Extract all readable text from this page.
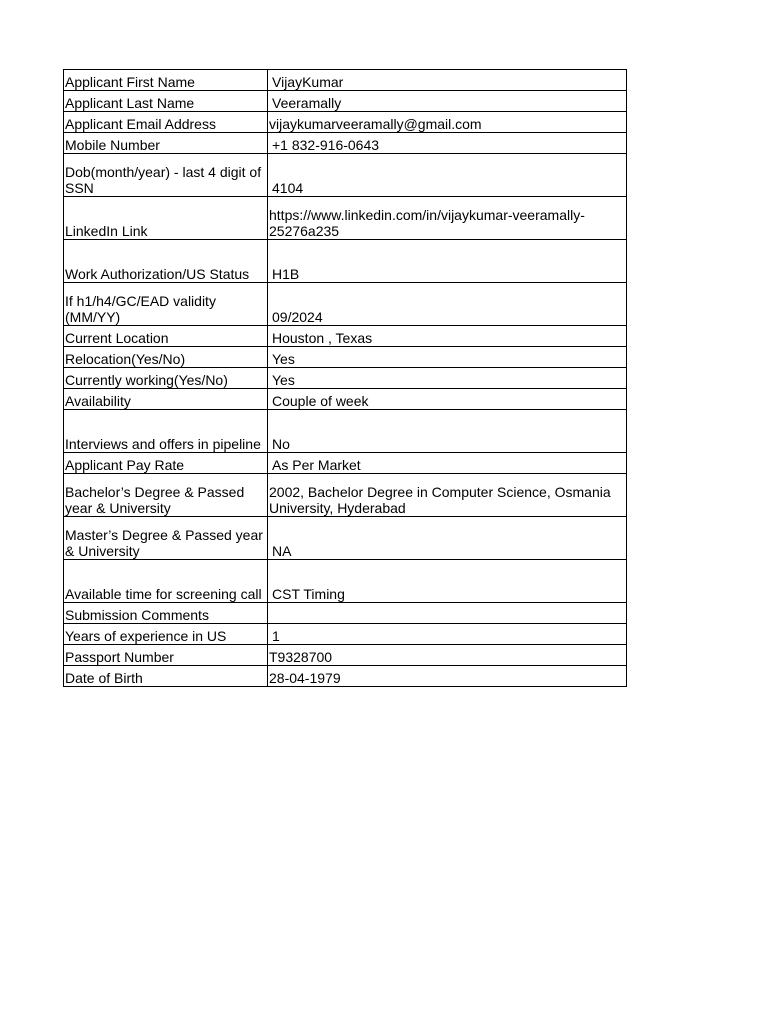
Applicant First Name	VijayKumar
Applicant Last Name	Veeramally
Applicant Email Address	vijaykumarveeramally@gmail.com
Mobile Number	+1 832-916-0643
Dob(month/year) - last 4 digit of SSN	4104
LinkedIn Link	https://www.linkedin.com/in/vijaykumar-veeramally-25276a235
Work Authorization/US Status	H1B
If h1/h4/GC/EAD validity (MM/YY)	09/2024
Current Location	Houston , Texas
Relocation(Yes/No)	Yes
Currently working(Yes/No)	Yes
Availability	Couple of week
Interviews and offers in pipeline	No
Applicant Pay Rate	As Per Market
Bachelor’s Degree & Passed year & University	2002, Bachelor Degree in Computer Science, Osmania University, Hyderabad
Master’s Degree & Passed year & University	NA
Available time for screening call	CST Timing
Submission Comments	
Years of experience in US	1
Passport Number	T9328700
Date of Birth	28-04-1979
